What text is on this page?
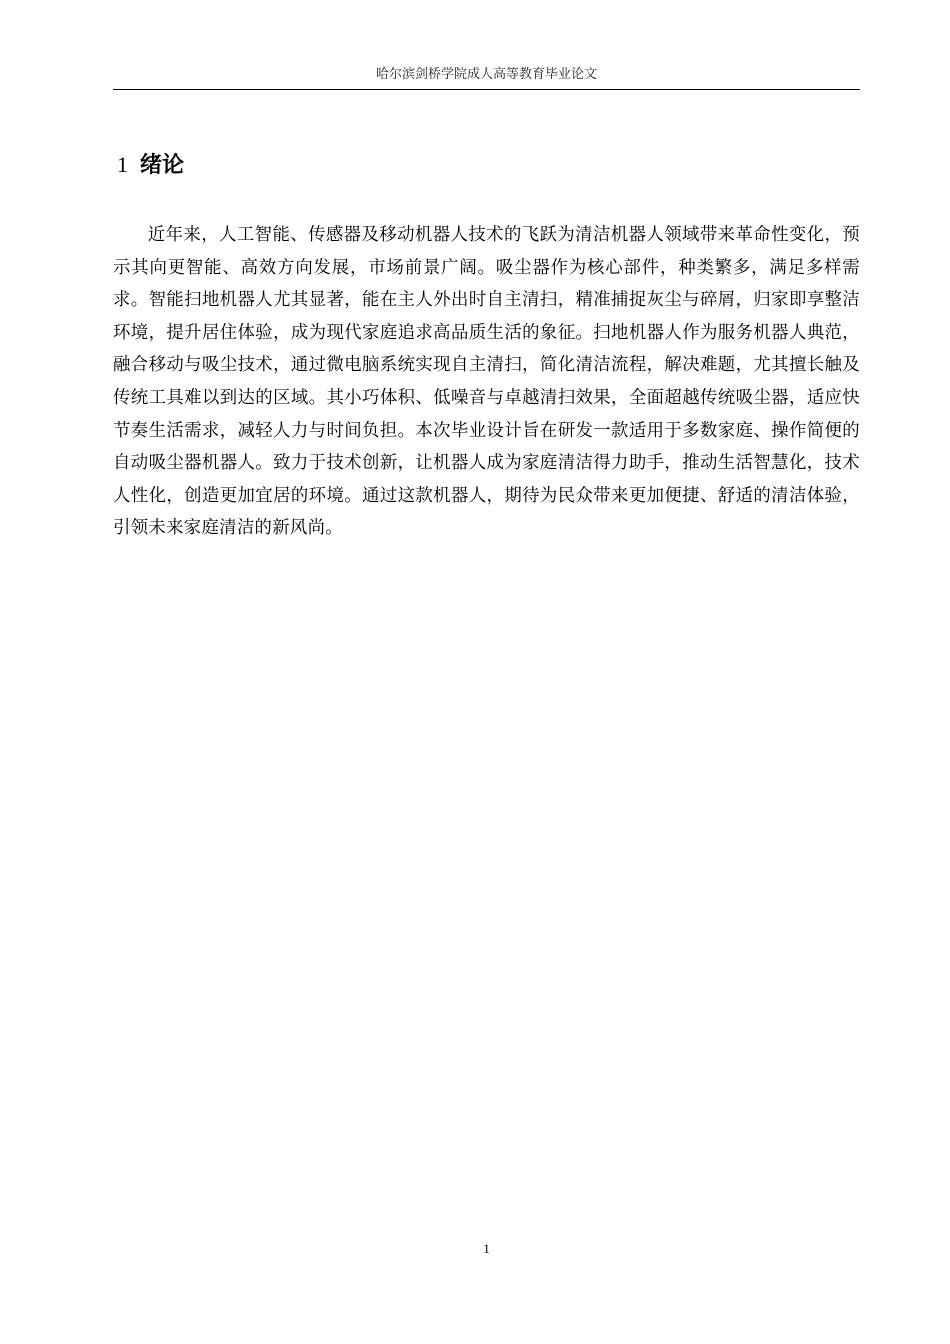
哈尔滨剑桥学院成人高等教育毕业论文
1 绪论

近年来，人工智能、传感器及移动机器人技术的飞跃为清洁机器人领域带来革命性变化，预示其向更智能、高效方向发展，市场前景广阔。吸尘器作为核心部件，种类繁多，满足多样需求。智能扫地机器人尤其显著，能在主人外出时自主清扫，精准捕捉灰尘与碎屑，归家即享整洁环境，提升居住体验，成为现代家庭追求高品质生活的象征。扫地机器人作为服务机器人典范，融合移动与吸尘技术，通过微电脑系统实现自主清扫，简化清洁流程，解决难题，尤其擅长触及传统工具难以到达的区域。其小巧体积、低噪音与卓越清扫效果，全面超越传统吸尘器，适应快节奏生活需求，减轻人力与时间负担。本次毕业设计旨在研发一款适用于多数家庭、操作简便的自动吸尘器机器人。致力于技术创新，让机器人成为家庭清洁得力助手，推动生活智慧化，技术人性化，创造更加宜居的环境。通过这款机器人，期待为民众带来更加便捷、舒适的清洁体验，引领未来家庭清洁的新风尚。

1
